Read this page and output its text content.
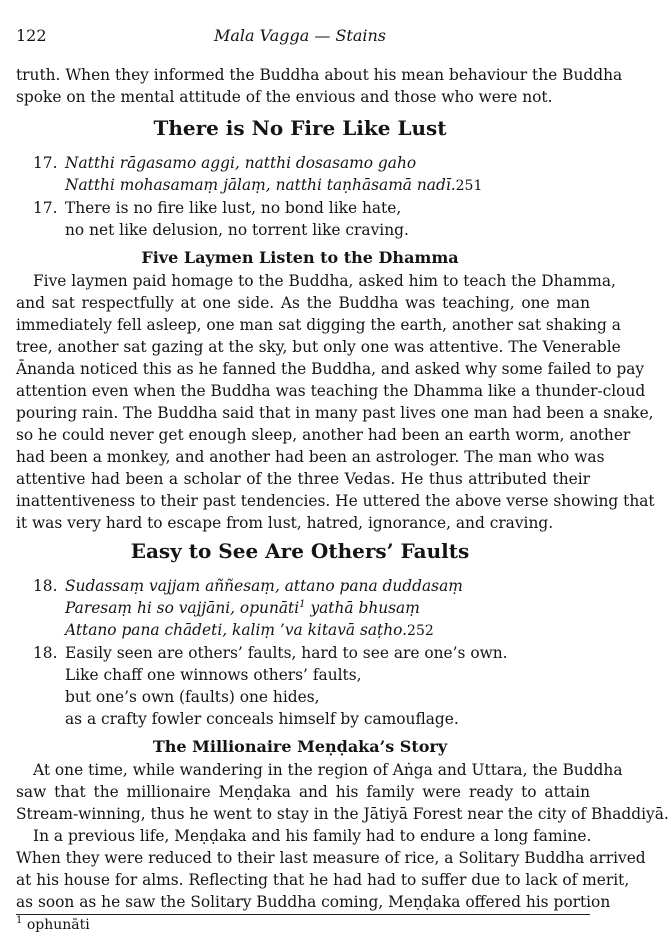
122	Mala Vagga — Stains
truth. When they informed the Buddha about his mean behaviour the Buddha
spoke on the mental attitude of the envious and those who were not.
There is No Fire Like Lust
17. Natthi rāgasamo aggi, natthi dosasamo gaho
Natthi mohasamaṃ jālaṃ, natthi taṇhāsamā nadī.251
17. There is no fire like lust, no bond like hate,
no net like delusion, no torrent like craving.
Five Laymen Listen to the Dhamma
Five laymen paid homage to the Buddha, asked him to teach the Dhamma,
and sat respectfully at one side. As the Buddha was teaching, one man
immediately fell asleep, one man sat digging the earth, another sat shaking a
tree, another sat gazing at the sky, but only one was attentive. The Venerable
Ānanda noticed this as he fanned the Buddha, and asked why some failed to pay
attention even when the Buddha was teaching the Dhamma like a thunder-cloud
pouring rain. The Buddha said that in many past lives one man had been a snake,
so he could never get enough sleep, another had been an earth worm, another
had been a monkey, and another had been an astrologer. The man who was
attentive had been a scholar of the three Vedas. He thus attributed their
inattentiveness to their past tendencies. He uttered the above verse showing that
it was very hard to escape from lust, hatred, ignorance, and craving.
Easy to See Are Others’ Faults
18. Sudassaṃ vajjam aññesaṃ, attano pana duddasaṃ
Paresaṃ hi so vajjāni, opunāti$^1$ yathā bhusaṃ
Attano pana chādeti, kaliṃ ’va kitavā saṭho.252
18. Easily seen are others’ faults, hard to see are one’s own.
Like chaff one winnows others’ faults,
but one’s own (faults) one hides,
as a crafty fowler conceals himself by camouflage.
The Millionaire Meṇḍaka’s Story
At one time, while wandering in the region of Aṅga and Uttara, the Buddha
saw that the millionaire Meṇḍaka and his family were ready to attain
Stream-winning, thus he went to stay in the Jātiyā Forest near the city of Bhaddiyā.
In a previous life, Meṇḍaka and his family had to endure a long famine.
When they were reduced to their last measure of rice, a Solitary Buddha arrived
at his house for alms. Reflecting that he had had to suffer due to lack of merit,
as soon as he saw the Solitary Buddha coming, Meṇḍaka offered his portion
$^1$ ophunāti
